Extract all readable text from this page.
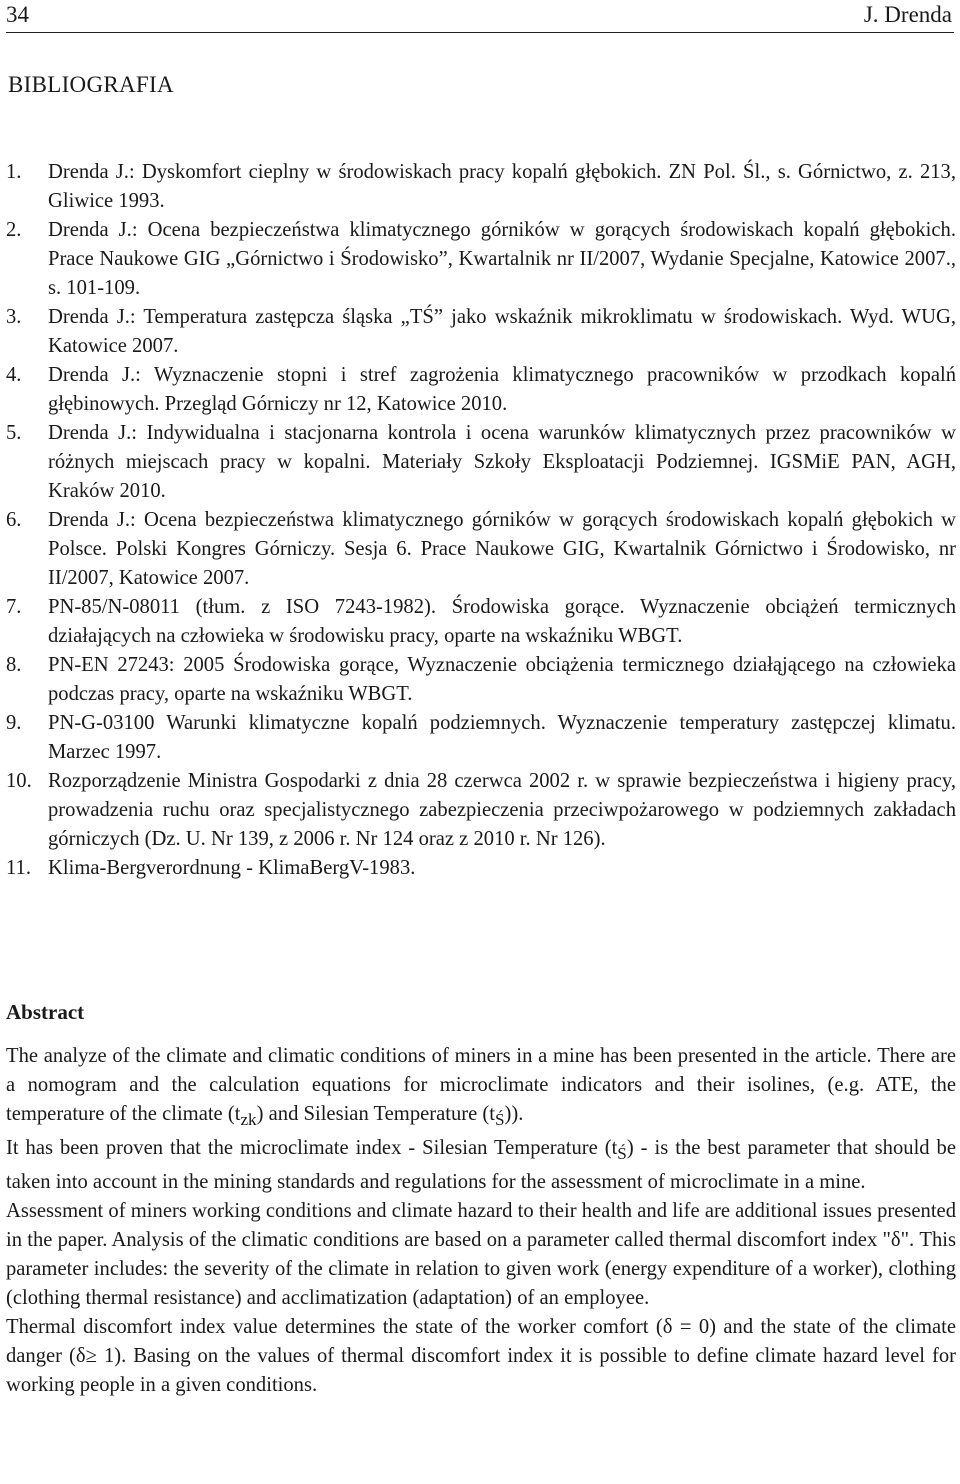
34	J. Drenda
BIBLIOGRAFIA
1. Drenda J.: Dyskomfort cieplny w środowiskach pracy kopalń głębokich. ZN Pol. Śl., s. Górnictwo, z. 213, Gliwice 1993.
2. Drenda J.: Ocena bezpieczeństwa klimatycznego górników w gorących środowiskach kopalń głębokich. Prace Naukowe GIG „Górnictwo i Środowisko”, Kwartalnik nr II/2007, Wydanie Specjalne, Katowice 2007., s. 101-109.
3. Drenda J.: Temperatura zastępcza śląska „TŚ” jako wskaźnik mikroklimatu w środowiskach. Wyd. WUG, Katowice 2007.
4. Drenda J.: Wyznaczenie stopni i stref zagrożenia klimatycznego pracowników w przodkach kopalń głębinowych. Przegląd Górniczy nr 12, Katowice 2010.
5. Drenda J.: Indywidualna i stacjonarna kontrola i ocena warunków klimatycznych przez pracowników w różnych miejscach pracy w kopalni. Materiały Szkoły Eksploatacji Podziemnej. IGSMiE PAN, AGH, Kraków 2010.
6. Drenda J.: Ocena bezpieczeństwa klimatycznego górników w gorących środowiskach kopalń głębokich w Polsce. Polski Kongres Górniczy. Sesja 6. Prace Naukowe GIG, Kwartalnik Górnictwo i Środowisko, nr II/2007, Katowice 2007.
7. PN-85/N-08011 (tłum. z ISO 7243-1982). Środowiska gorące. Wyznaczenie obciążeń termicznych działających na człowieka w środowisku pracy, oparte na wskaźniku WBGT.
8. PN-EN 27243: 2005 Środowiska gorące, Wyznaczenie obciążenia termicznego działąjącego na człowieka podczas pracy, oparte na wskaźniku WBGT.
9. PN-G-03100 Warunki klimatyczne kopalń podziemnych. Wyznaczenie temperatury zastępczej klimatu. Marzec 1997.
10. Rozporządzenie Ministra Gospodarki z dnia 28 czerwca 2002 r. w sprawie bezpieczeństwa i higieny pracy, prowadzenia ruchu oraz specjalistycznego zabezpieczenia przeciwpożarowego w podziemnych zakładach górniczych (Dz. U. Nr 139, z 2006 r. Nr 124 oraz z 2010 r. Nr 126).
11. Klima-Bergverordnung - KlimaBergV-1983.
Abstract

The analyze of the climate and climatic conditions of miners in a mine has been presented in the article. There are a nomogram and the calculation equations for microclimate indicators and their isolines, (e.g. ATE, the temperature of the climate $(t_{zk})$ and Silesian Temperature $(t_Ś)$).

It has been proven that the microclimate index - Silesian Temperature $(t_Ś)$ - is the best parameter that should be taken into account in the mining standards and regulations for the assessment of microclimate in a mine.

Assessment of miners working conditions and climate hazard to their health and life are additional issues presented in the paper. Analysis of the climatic conditions are based on a parameter called thermal discomfort index "δ". This parameter includes: the severity of the climate in relation to given work (energy expenditure of a worker), clothing (clothing thermal resistance) and acclimatization (adaptation) of an employee.

Thermal discomfort index value determines the state of the worker comfort (δ = 0) and the state of the climate danger (δ≥ 1). Basing on the values of thermal discomfort index it is possible to define climate hazard level for working people in a given conditions.
